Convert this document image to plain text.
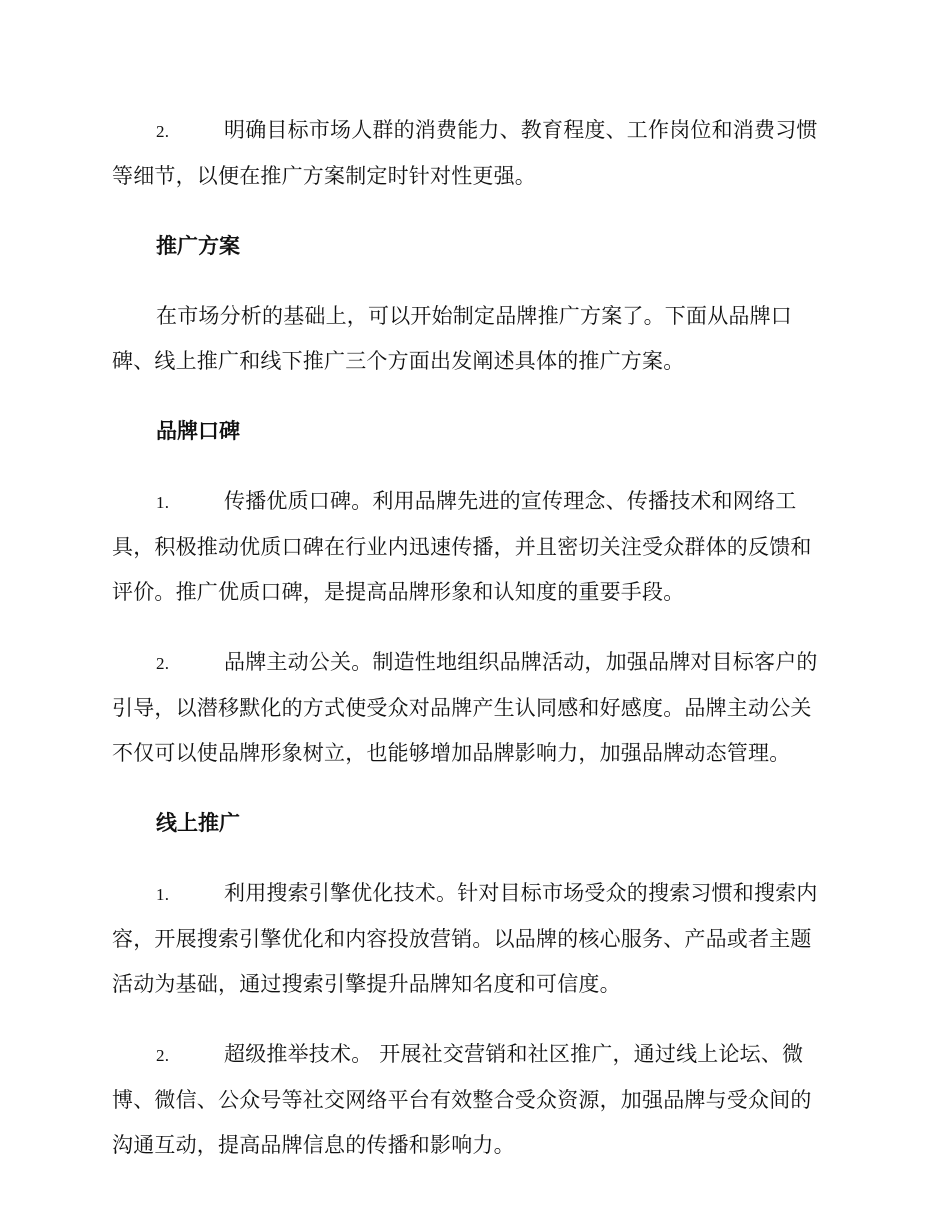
2.	明确目标市场人群的消费能力、教育程度、工作岗位和消费习惯等细节，以便在推广方案制定时针对性更强。

推广方案

在市场分析的基础上，可以开始制定品牌推广方案了。下面从品牌口碑、线上推广和线下推广三个方面出发阐述具体的推广方案。

品牌口碑

1.	传播优质口碑。利用品牌先进的宣传理念、传播技术和网络工具，积极推动优质口碑在行业内迅速传播，并且密切关注受众群体的反馈和评价。推广优质口碑，是提高品牌形象和认知度的重要手段。

2.	品牌主动公关。制造性地组织品牌活动，加强品牌对目标客户的引导，以潜移默化的方式使受众对品牌产生认同感和好感度。品牌主动公关不仅可以使品牌形象树立，也能够增加品牌影响力，加强品牌动态管理。

线上推广

1.	利用搜索引擎优化技术。针对目标市场受众的搜索习惯和搜索内容，开展搜索引擎优化和内容投放营销。以品牌的核心服务、产品或者主题活动为基础，通过搜索引擎提升品牌知名度和可信度。

2.	超级推举技术。 开展社交营销和社区推广，通过线上论坛、微博、微信、公众号等社交网络平台有效整合受众资源，加强品牌与受众间的沟通互动，提高品牌信息的传播和影响力。
